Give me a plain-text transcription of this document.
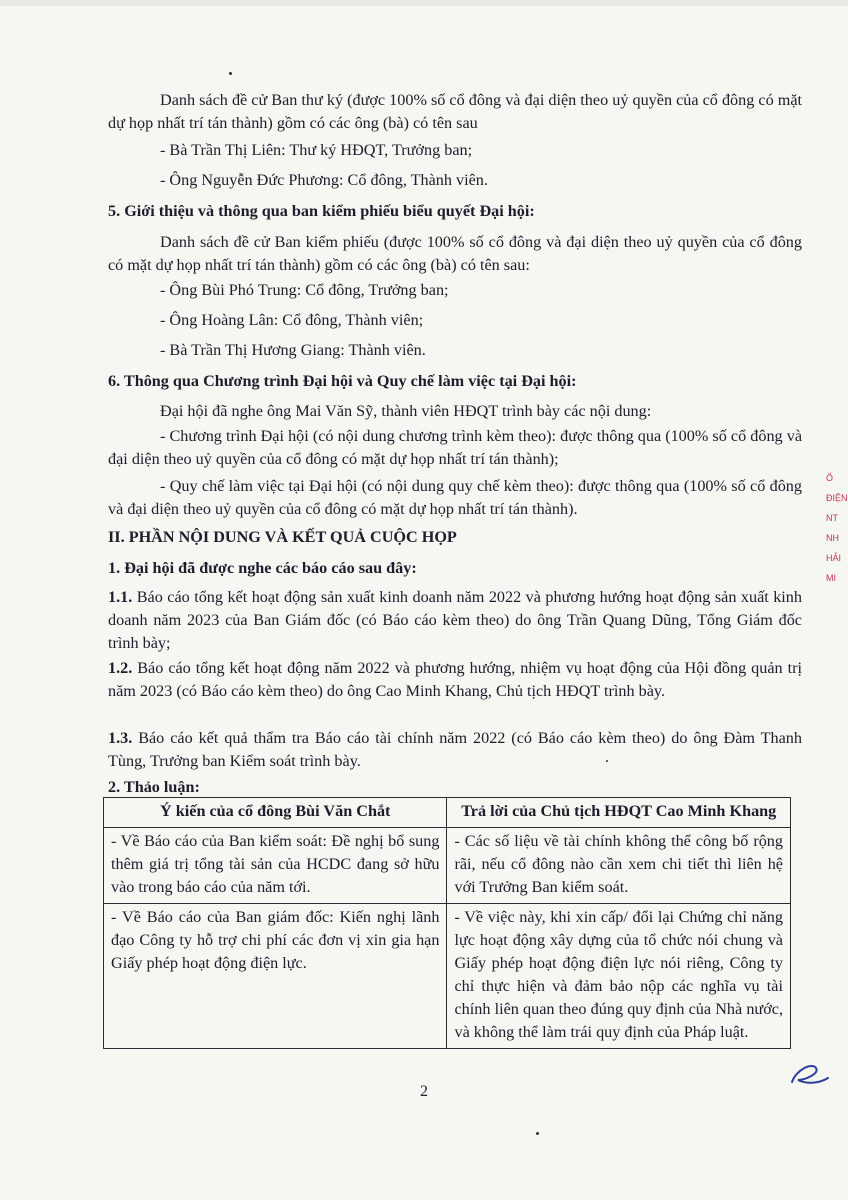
Danh sách đề cử Ban thư ký (được 100% số cổ đông và đại diện theo uỷ quyền của cổ đông có mặt dự họp nhất trí tán thành) gồm có các ông (bà) có tên sau

- Bà Trần Thị Liên: Thư ký HĐQT, Trưởng ban;

- Ông Nguyễn Đức Phương: Cổ đông, Thành viên.

5. Giới thiệu và thông qua ban kiểm phiếu biểu quyết Đại hội:

Danh sách đề cử Ban kiểm phiếu (được 100% số cổ đông và đại diện theo uỷ quyền của cổ đông có mặt dự họp nhất trí tán thành) gồm có các ông (bà) có tên sau:

- Ông Bùi Phó Trung: Cổ đông, Trưởng ban;

- Ông Hoàng Lân: Cổ đông, Thành viên;

- Bà Trần Thị Hương Giang: Thành viên.

6. Thông qua Chương trình Đại hội và Quy chế làm việc tại Đại hội:

Đại hội đã nghe ông Mai Văn Sỹ, thành viên HĐQT trình bày các nội dung:

- Chương trình Đại hội (có nội dung chương trình kèm theo): được thông qua (100% số cổ đông và đại diện theo uỷ quyền của cổ đông có mặt dự họp nhất trí tán thành);

- Quy chế làm việc tại Đại hội (có nội dung quy chế kèm theo): được thông qua (100% số cổ đông và đại diện theo uỷ quyền của cổ đông có mặt dự họp nhất trí tán thành).

II. PHẦN NỘI DUNG VÀ KẾT QUẢ CUỘC HỌP

1. Đại hội đã được nghe các báo cáo sau đây:

1.1. Báo cáo tổng kết hoạt động sản xuất kinh doanh năm 2022 và phương hướng hoạt động sản xuất kinh doanh năm 2023 của Ban Giám đốc (có Báo cáo kèm theo) do ông Trần Quang Dũng, Tổng Giám đốc trình bày;

1.2. Báo cáo tổng kết hoạt động năm 2022 và phương hướng, nhiệm vụ hoạt động của Hội đồng quản trị năm 2023 (có Báo cáo kèm theo) do ông Cao Minh Khang, Chủ tịch HĐQT trình bày.

1.3. Báo cáo kết quả thẩm tra Báo cáo tài chính năm 2022 (có Báo cáo kèm theo) do ông Đàm Thanh Tùng, Trưởng ban Kiểm soát trình bày.

2. Thảo luận:

Ý kiến của cổ đông Bùi Văn Chắt	Trả lời của Chủ tịch HĐQT Cao Minh Khang
- Về Báo cáo của Ban kiểm soát: Đề nghị bổ sung thêm giá trị tổng tài sản của HCDC đang sở hữu vào trong báo cáo của năm tới.	- Các số liệu về tài chính không thể công bố rộng rãi, nếu cổ đông nào cần xem chi tiết thì liên hệ với Trưởng Ban kiểm soát.
- Về Báo cáo của Ban giám đốc: Kiến nghị lãnh đạo Công ty hỗ trợ chi phí các đơn vị xin gia hạn Giấy phép hoạt động điện lực.	- Về việc này, khi xin cấp/ đổi lại Chứng chỉ năng lực hoạt động xây dựng của tổ chức nói chung và Giấy phép hoạt động điện lực nói riêng, Công ty chỉ thực hiện và đảm bảo nộp các nghĩa vụ tài chính liên quan theo đúng quy định của Nhà nước, và không thể làm trái quy định của Pháp luật.
2
Ổ ĐIỆN
NT
NH
HẢI
MI
